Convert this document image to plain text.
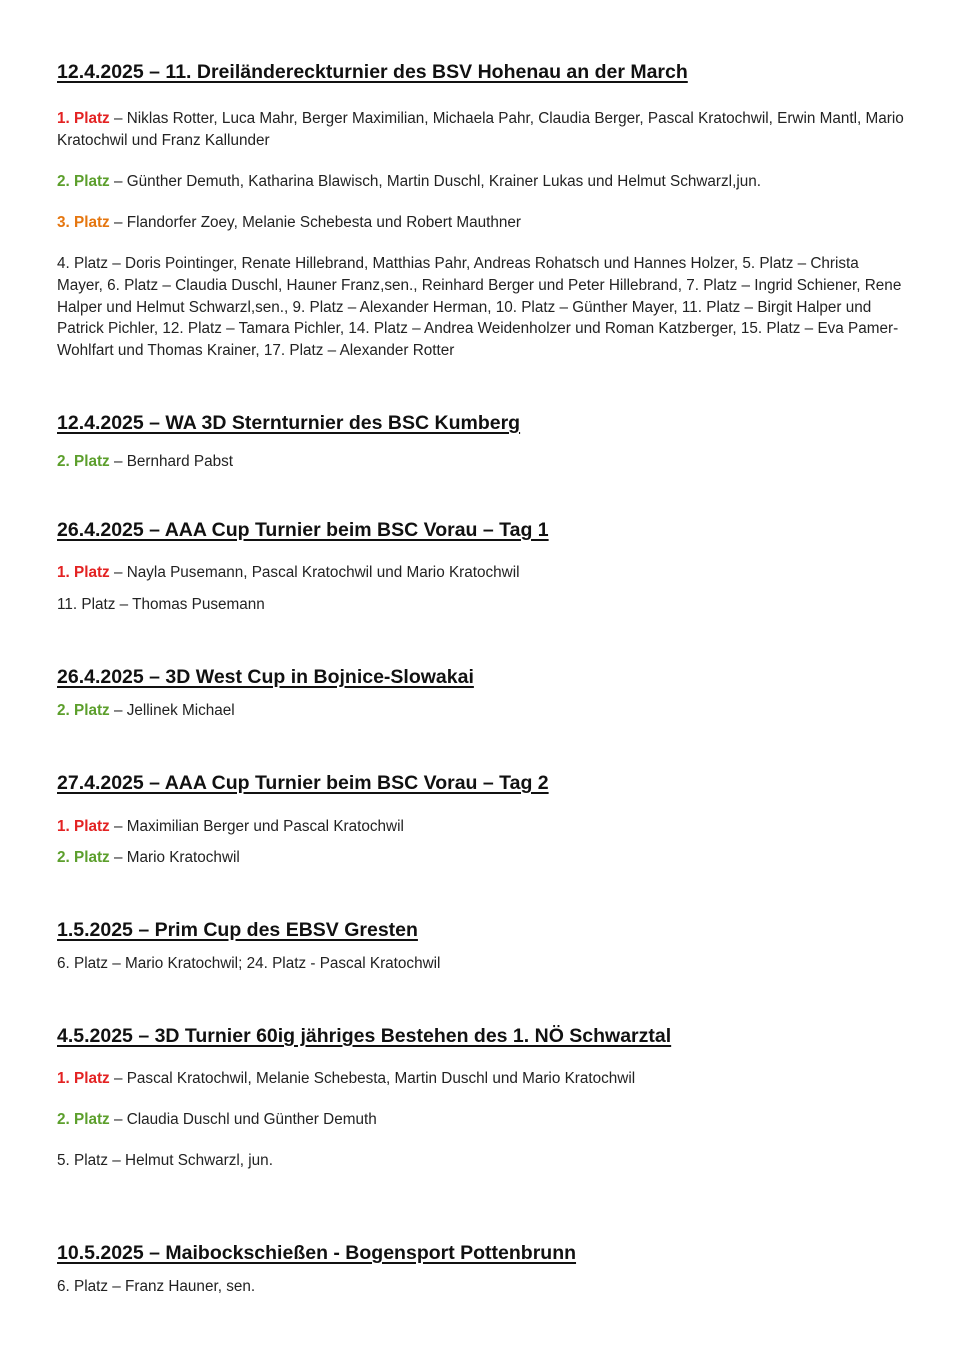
12.4.2025 – 11. Dreiländereckturnier des BSV Hohenau an der March
1. Platz – Niklas Rotter, Luca Mahr, Berger Maximilian, Michaela Pahr, Claudia Berger, Pascal Kratochwil, Erwin Mantl, Mario Kratochwil und Franz Kallunder
2. Platz – Günther Demuth, Katharina Blawisch, Martin Duschl, Krainer Lukas und Helmut Schwarzl,jun.
3. Platz – Flandorfer Zoey, Melanie Schebesta und Robert Mauthner
4. Platz – Doris Pointinger, Renate Hillebrand, Matthias Pahr, Andreas Rohatsch und Hannes Holzer, 5. Platz – Christa Mayer, 6. Platz – Claudia Duschl, Hauner Franz,sen., Reinhard Berger und Peter Hillebrand, 7. Platz – Ingrid Schiener, Rene Halper und Helmut Schwarzl,sen., 9. Platz – Alexander Herman, 10. Platz – Günther Mayer, 11. Platz – Birgit Halper und Patrick Pichler, 12. Platz – Tamara Pichler, 14. Platz – Andrea Weidenholzer und Roman Katzberger, 15. Platz – Eva Pamer-Wohlfart und Thomas Krainer, 17. Platz – Alexander Rotter
12.4.2025 – WA 3D Sternturnier des BSC Kumberg
2. Platz – Bernhard Pabst
26.4.2025 – AAA Cup Turnier beim BSC Vorau – Tag 1
1. Platz – Nayla Pusemann, Pascal Kratochwil und Mario Kratochwil
11. Platz – Thomas Pusemann
26.4.2025 – 3D West Cup in Bojnice-Slowakai
2. Platz – Jellinek Michael
27.4.2025 – AAA Cup Turnier beim BSC Vorau – Tag 2
1. Platz – Maximilian Berger und Pascal Kratochwil
2. Platz – Mario Kratochwil
1.5.2025 – Prim Cup des EBSV Gresten
6. Platz – Mario Kratochwil; 24. Platz - Pascal Kratochwil
4.5.2025 – 3D Turnier 60ig jähriges Bestehen des 1. NÖ Schwarztal
1. Platz – Pascal Kratochwil, Melanie Schebesta, Martin Duschl und Mario Kratochwil
2. Platz – Claudia Duschl und Günther Demuth
5. Platz – Helmut Schwarzl, jun.
10.5.2025 – Maibockschießen - Bogensport Pottenbrunn
6. Platz – Franz Hauner, sen.
